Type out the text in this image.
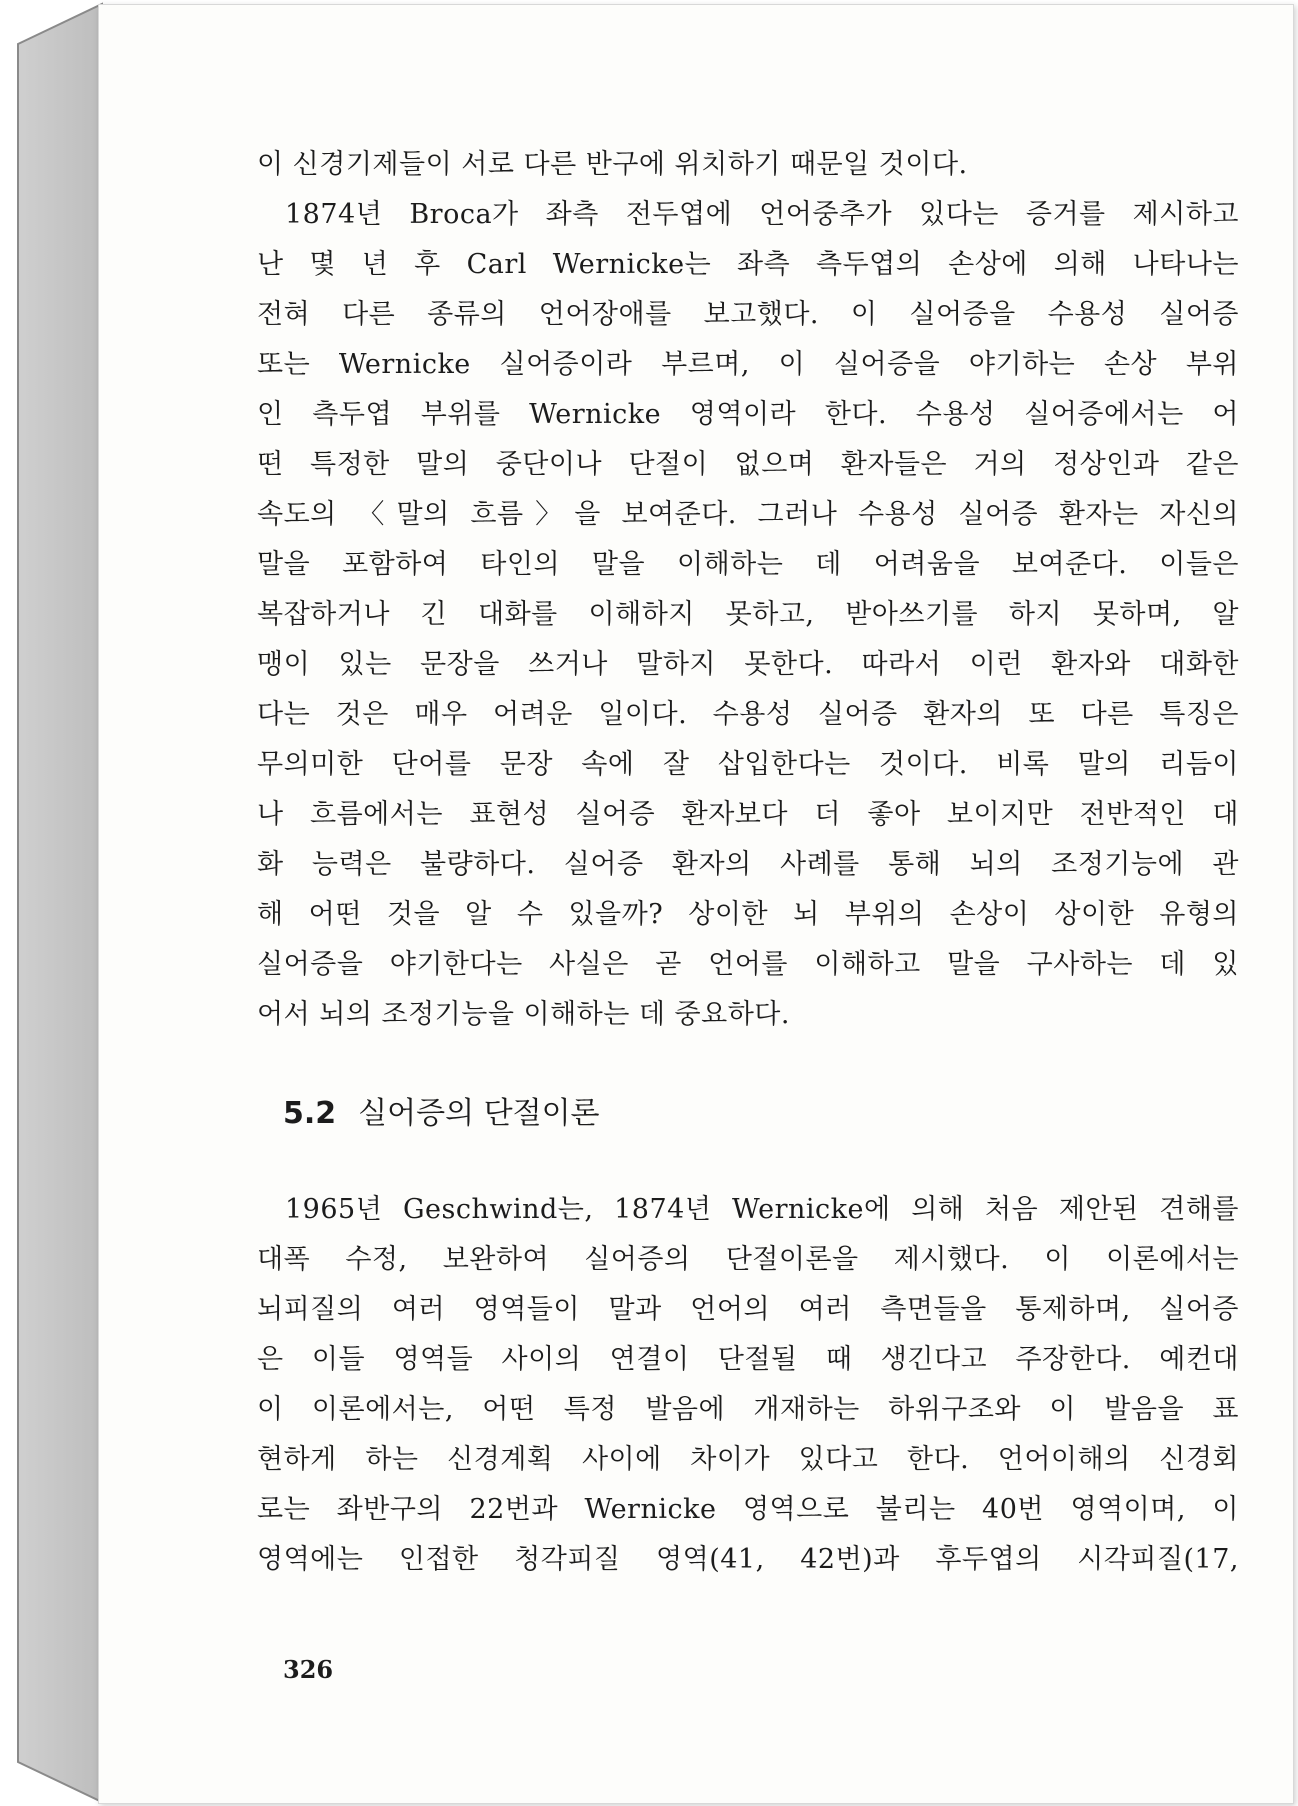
이 신경기제들이 서로 다른 반구에 위치하기 때문일 것이다.
1874년 Broca가 좌측 전두엽에 언어중추가 있다는 증거를 제시하고
난 몇 년 후 Carl Wernicke는 좌측 측두엽의 손상에 의해 나타나는
전혀 다른 종류의 언어장애를 보고했다. 이 실어증을 수용성 실어증
또는 Wernicke 실어증이라 부르며, 이 실어증을 야기하는 손상 부위
인 측두엽 부위를 Wernicke 영역이라 한다. 수용성 실어증에서는 어
떤 특정한 말의 중단이나 단절이 없으며 환자들은 거의 정상인과 같은
속도의 〈말의 흐름〉을 보여준다. 그러나 수용성 실어증 환자는 자신의
말을 포함하여 타인의 말을 이해하는 데 어려움을 보여준다. 이들은
복잡하거나 긴 대화를 이해하지 못하고, 받아쓰기를 하지 못하며, 알
맹이 있는 문장을 쓰거나 말하지 못한다. 따라서 이런 환자와 대화한
다는 것은 매우 어려운 일이다. 수용성 실어증 환자의 또 다른 특징은
무의미한 단어를 문장 속에 잘 삽입한다는 것이다. 비록 말의 리듬이
나 흐름에서는 표현성 실어증 환자보다 더 좋아 보이지만 전반적인 대
화 능력은 불량하다. 실어증 환자의 사례를 통해 뇌의 조정기능에 관
해 어떤 것을 알 수 있을까? 상이한 뇌 부위의 손상이 상이한 유형의
실어증을 야기한다는 사실은 곧 언어를 이해하고 말을 구사하는 데 있
어서 뇌의 조정기능을 이해하는 데 중요하다.
5.2 실어증의 단절이론
1965년 Geschwind는, 1874년 Wernicke에 의해 처음 제안된 견해를
대폭 수정, 보완하여 실어증의 단절이론을 제시했다. 이 이론에서는
뇌피질의 여러 영역들이 말과 언어의 여러 측면들을 통제하며, 실어증
은 이들 영역들 사이의 연결이 단절될 때 생긴다고 주장한다. 예컨대
이 이론에서는, 어떤 특정 발음에 개재하는 하위구조와 이 발음을 표
현하게 하는 신경계획 사이에 차이가 있다고 한다. 언어이해의 신경회
로는 좌반구의 22번과 Wernicke 영역으로 불리는 40번 영역이며, 이
영역에는 인접한 청각피질 영역(41, 42번)과 후두엽의 시각피질(17,
326
